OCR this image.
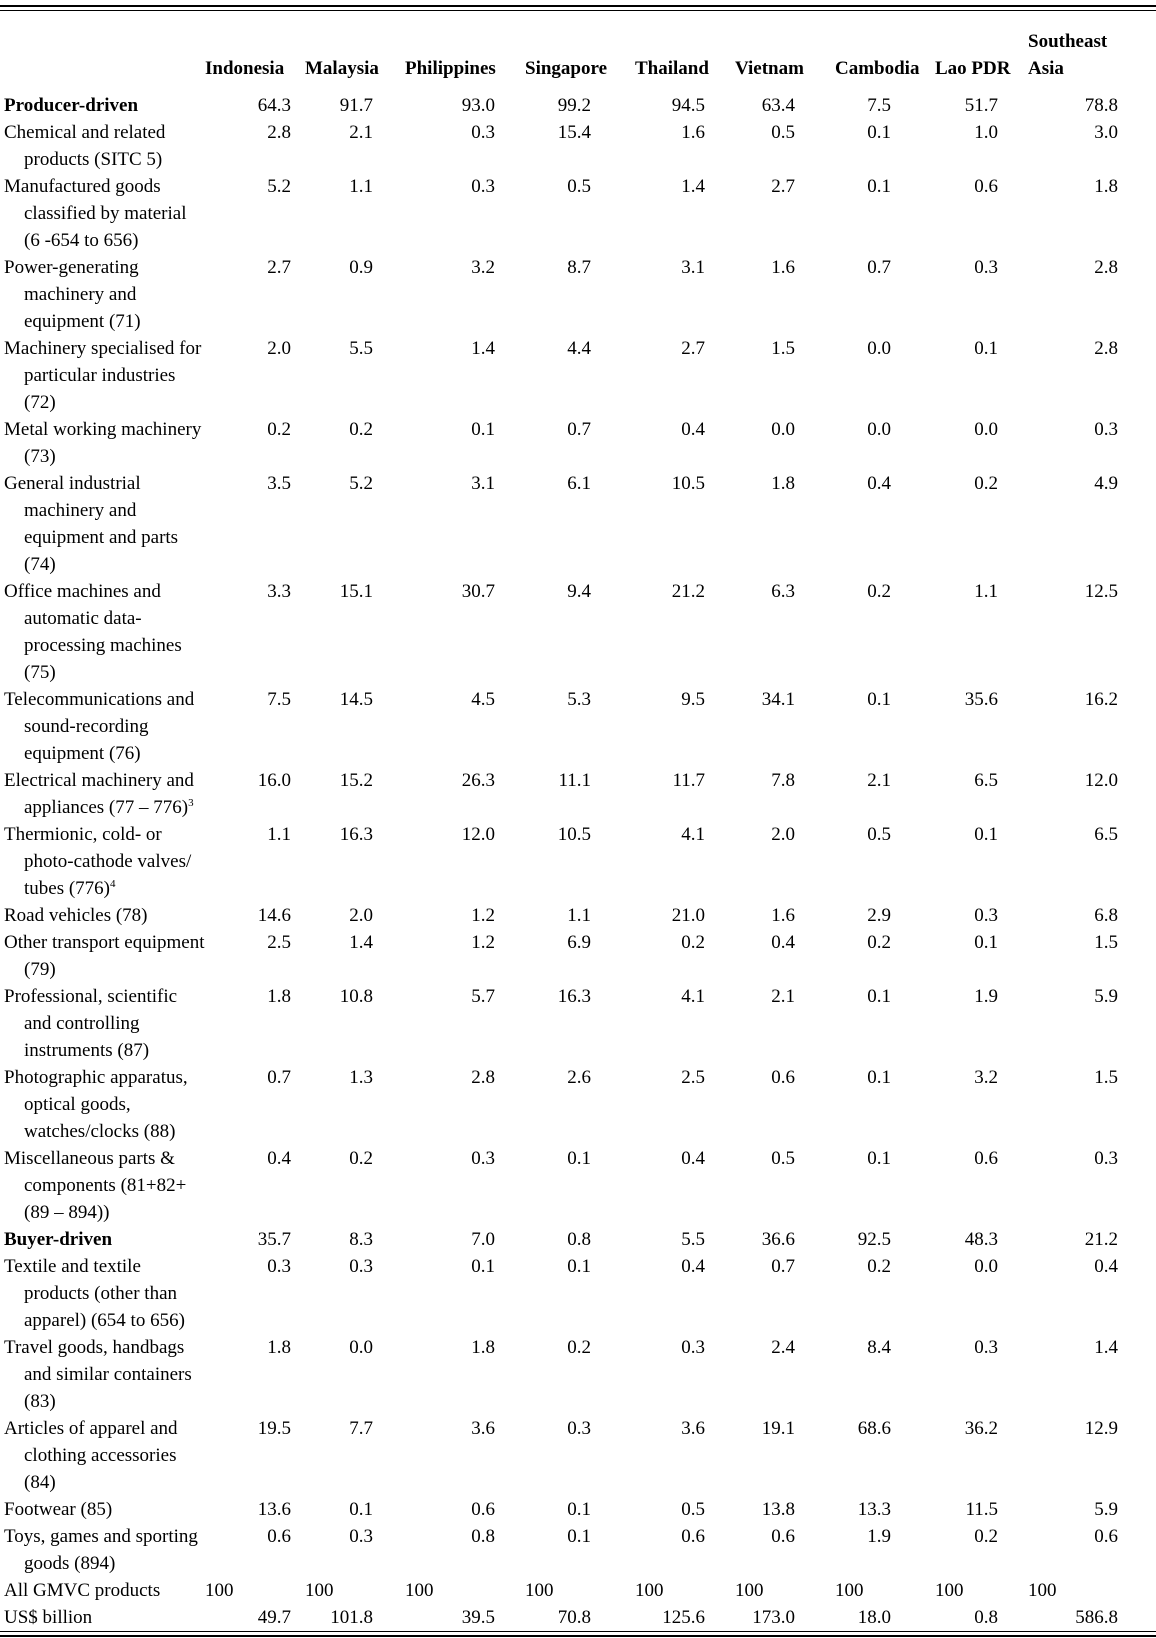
	Indonesia	Malaysia	Philippines	Singapore	Thailand	Vietnam	Cambodia	Lao PDR	Southeast Asia

Producer-driven	64.3	91.7	93.0	99.2	94.5	63.4	7.5	51.7	78.8

Chemical and related products (SITC 5)	2.8	2.1	0.3	15.4	1.6	0.5	0.1	1.0	3.0

Manufactured goods classified by material (6 -654 to 656)	5.2	1.1	0.3	0.5	1.4	2.7	0.1	0.6	1.8

Power-generating machinery and equipment (71)	2.7	0.9	3.2	8.7	3.1	1.6	0.7	0.3	2.8

Machinery specialised for particular industries (72)	2.0	5.5	1.4	4.4	2.7	1.5	0.0	0.1	2.8

Metal working machinery (73)	0.2	0.2	0.1	0.7	0.4	0.0	0.0	0.0	0.3

General industrial machinery and equipment and parts (74)	3.5	5.2	3.1	6.1	10.5	1.8	0.4	0.2	4.9

Office machines and automatic data-processing machines (75)	3.3	15.1	30.7	9.4	21.2	6.3	0.2	1.1	12.5

Telecommunications and sound-recording equipment (76)	7.5	14.5	4.5	5.3	9.5	34.1	0.1	35.6	16.2

Electrical machinery and appliances (77 – 776)$^3$	16.0	15.2	26.3	11.1	11.7	7.8	2.1	6.5	12.0

Thermionic, cold- or photo-cathode valves/ tubes $(776)^4$	1.1	16.3	12.0	10.5	4.1	2.0	0.5	0.1	6.5

Road vehicles (78)	14.6	2.0	1.2	1.1	21.0	1.6	2.9	0.3	6.8

Other transport equipment (79)	2.5	1.4	1.2	6.9	0.2	0.4	0.2	0.1	1.5

Professional, scientific and controlling instruments (87)	1.8	10.8	5.7	16.3	4.1	2.1	0.1	1.9	5.9

Photographic apparatus, optical goods, watches/clocks (88)	0.7	1.3	2.8	2.6	2.5	0.6	0.1	3.2	1.5

Miscellaneous parts & components (81+82+ (89 – 894))	0.4	0.2	0.3	0.1	0.4	0.5	0.1	0.6	0.3

Buyer-driven	35.7	8.3	7.0	0.8	5.5	36.6	92.5	48.3	21.2

Textile and textile products (other than apparel) (654 to 656)	0.3	0.3	0.1	0.1	0.4	0.7	0.2	0.0	0.4

Travel goods, handbags and similar containers (83)	1.8	0.0	1.8	0.2	0.3	2.4	8.4	0.3	1.4

Articles of apparel and clothing accessories (84)	19.5	7.7	3.6	0.3	3.6	19.1	68.6	36.2	12.9

Footwear (85)	13.6	0.1	0.6	0.1	0.5	13.8	13.3	11.5	5.9

Toys, games and sporting goods (894)	0.6	0.3	0.8	0.1	0.6	0.6	1.9	0.2	0.6

All GMVC products	100	100	100	100	100	100	100	100	100

US$ billion	49.7	101.8	39.5	70.8	125.6	173.0	18.0	0.8	586.8
